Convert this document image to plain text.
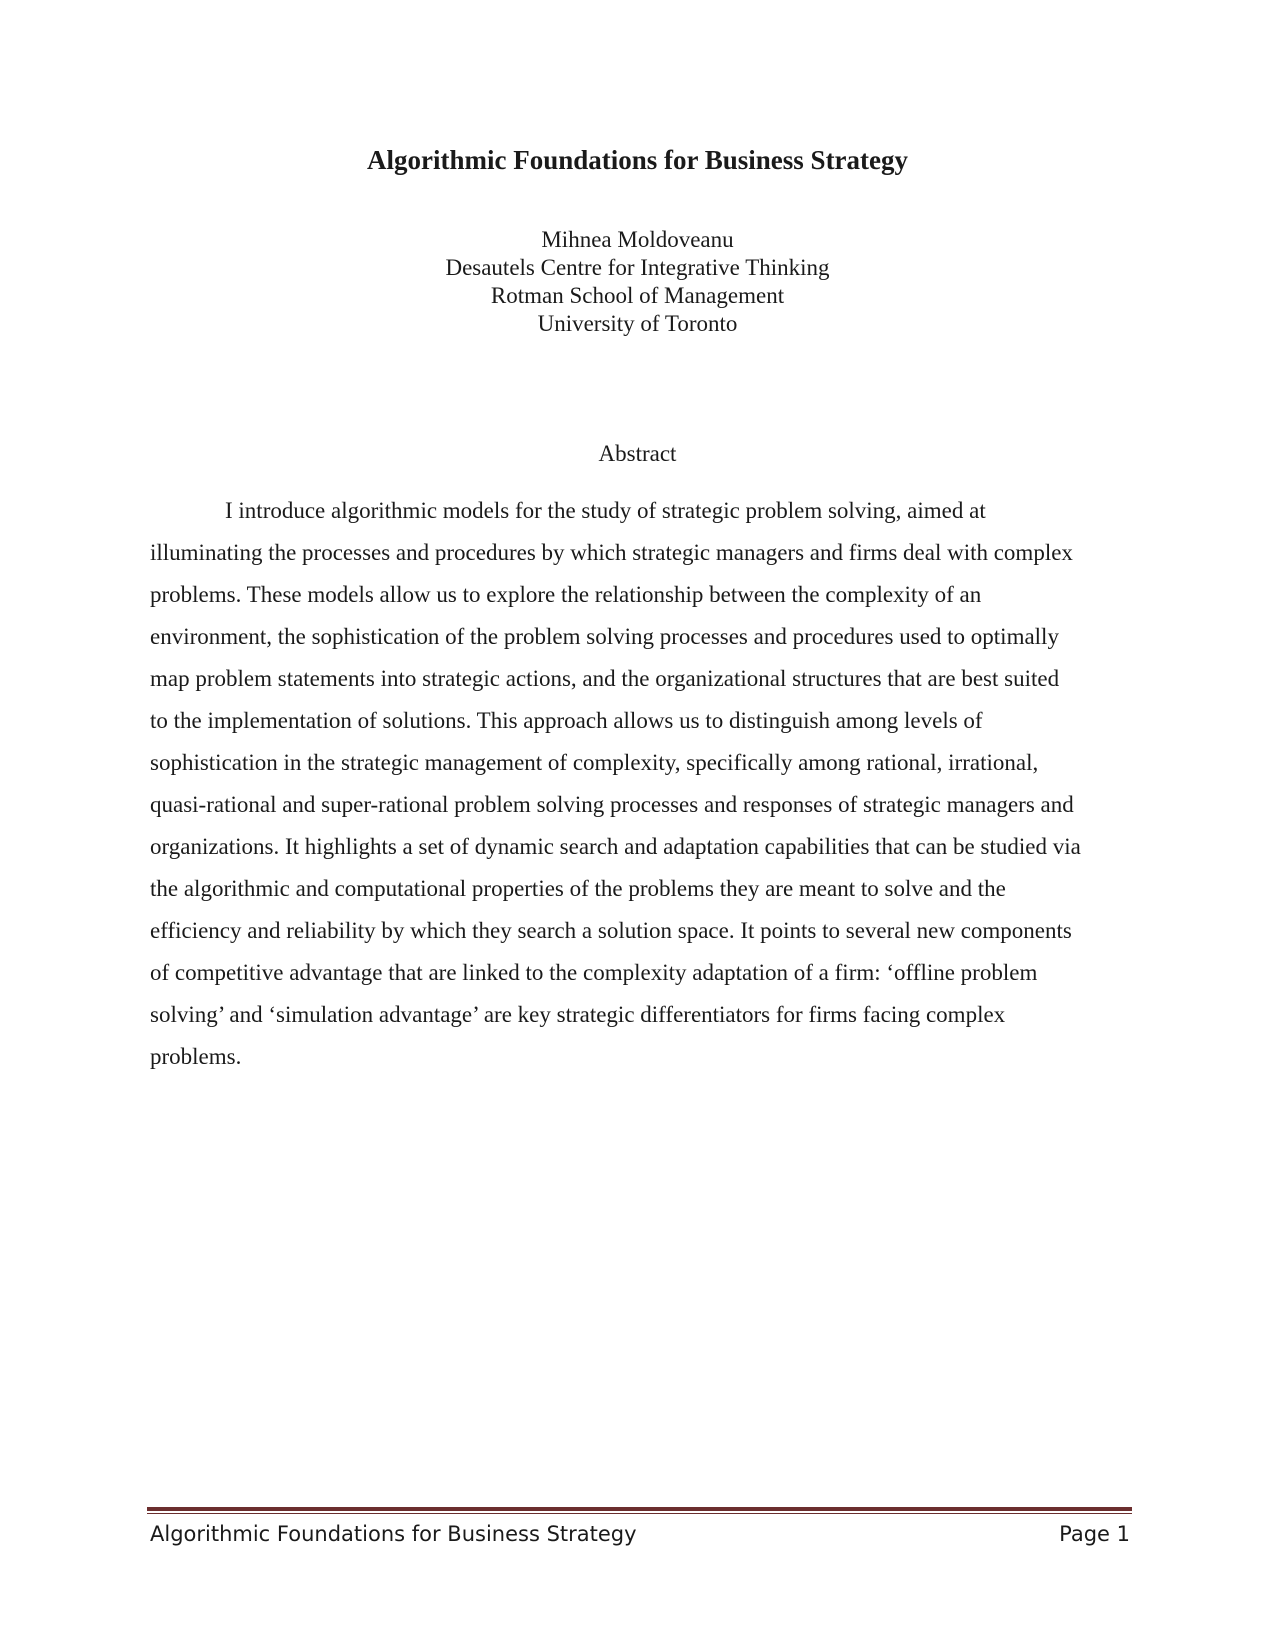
Algorithmic Foundations for Business Strategy
Mihnea Moldoveanu
Desautels Centre for Integrative Thinking
Rotman School of Management
University of Toronto
Abstract

I introduce algorithmic models for the study of strategic problem solving, aimed at
illuminating the processes and procedures by which strategic managers and firms deal with complex
problems. These models allow us to explore the relationship between the complexity of an
environment, the sophistication of the problem solving processes and procedures used to optimally
map problem statements into strategic actions, and the organizational structures that are best suited
to the implementation of solutions. This approach allows us to distinguish among levels of
sophistication in the strategic management of complexity, specifically among rational, irrational,
quasi-rational and super-rational problem solving processes and responses of strategic managers and
organizations. It highlights a set of dynamic search and adaptation capabilities that can be studied via
the algorithmic and computational properties of the problems they are meant to solve and the
efficiency and reliability by which they search a solution space. It points to several new components
of competitive advantage that are linked to the complexity adaptation of a firm: ‘offline problem
solving’ and ‘simulation advantage’ are key strategic differentiators for firms facing complex
problems.

Algorithmic Foundations for Business Strategy	Page 1
